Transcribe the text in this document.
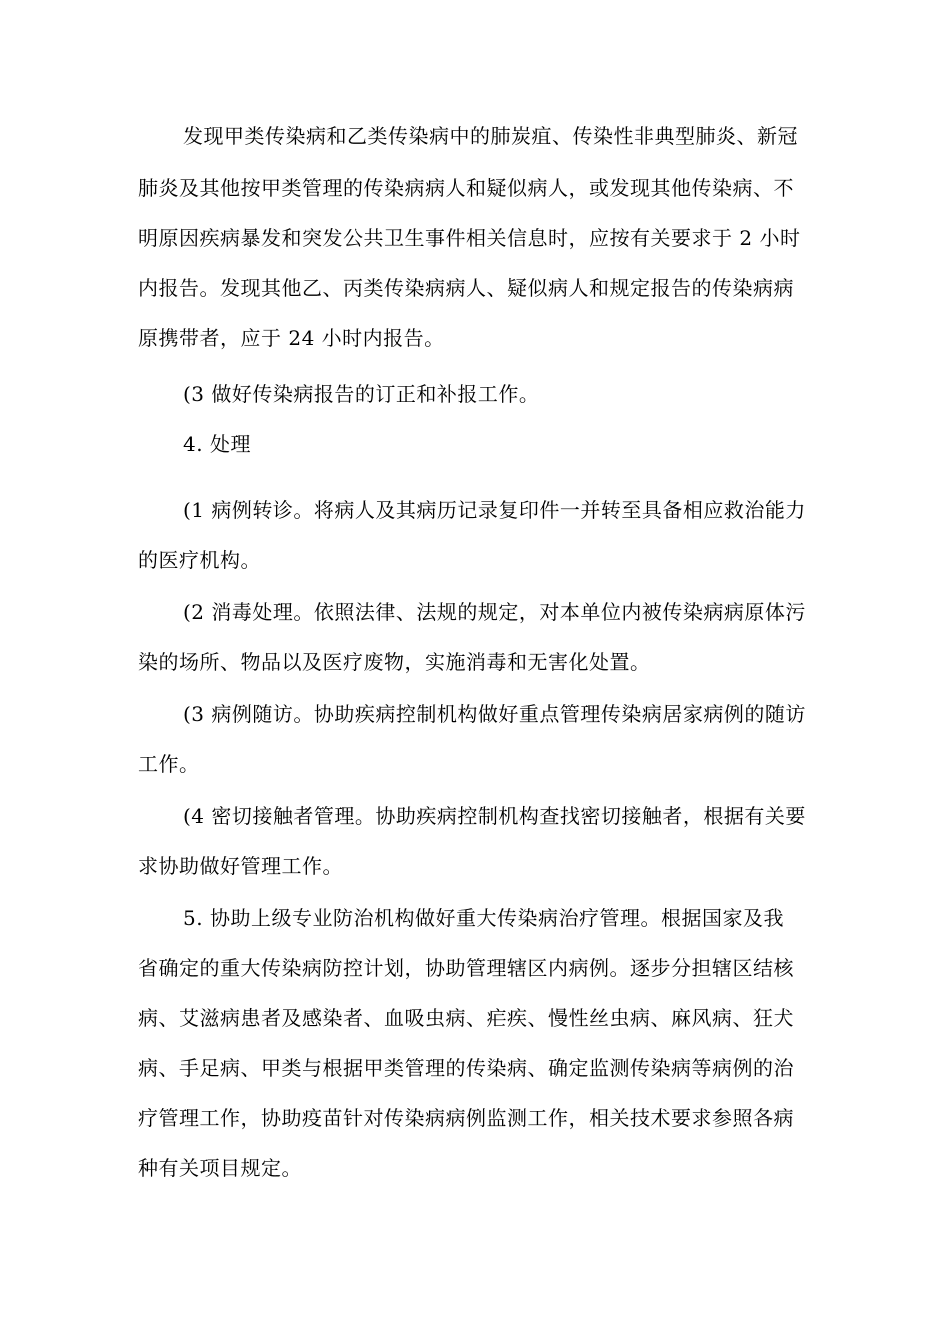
发现甲类传染病和乙类传染病中的肺炭疽、传染性非典型肺炎、新冠
肺炎及其他按甲类管理的传染病病人和疑似病人，或发现其他传染病、不
明原因疾病暴发和突发公共卫生事件相关信息时，应按有关要求于 2 小时
内报告。发现其他乙、丙类传染病病人、疑似病人和规定报告的传染病病
原携带者，应于 24 小时内报告。
(3 做好传染病报告的订正和补报工作。
4. 处理
(1 病例转诊。将病人及其病历记录复印件一并转至具备相应救治能力
的医疗机构。
(2 消毒处理。依照法律、法规的规定，对本单位内被传染病病原体污
染的场所、物品以及医疗废物，实施消毒和无害化处置。
(3 病例随访。协助疾病控制机构做好重点管理传染病居家病例的随访
工作。
(4 密切接触者管理。协助疾病控制机构查找密切接触者，根据有关要
求协助做好管理工作。
5. 协助上级专业防治机构做好重大传染病治疗管理。根据国家及我
省确定的重大传染病防控计划，协助管理辖区内病例。逐步分担辖区结核
病、艾滋病患者及感染者、血吸虫病、疟疾、慢性丝虫病、麻风病、狂犬
病、手足病、甲类与根据甲类管理的传染病、确定监测传染病等病例的治
疗管理工作，协助疫苗针对传染病病例监测工作，相关技术要求参照各病
种有关项目规定。
